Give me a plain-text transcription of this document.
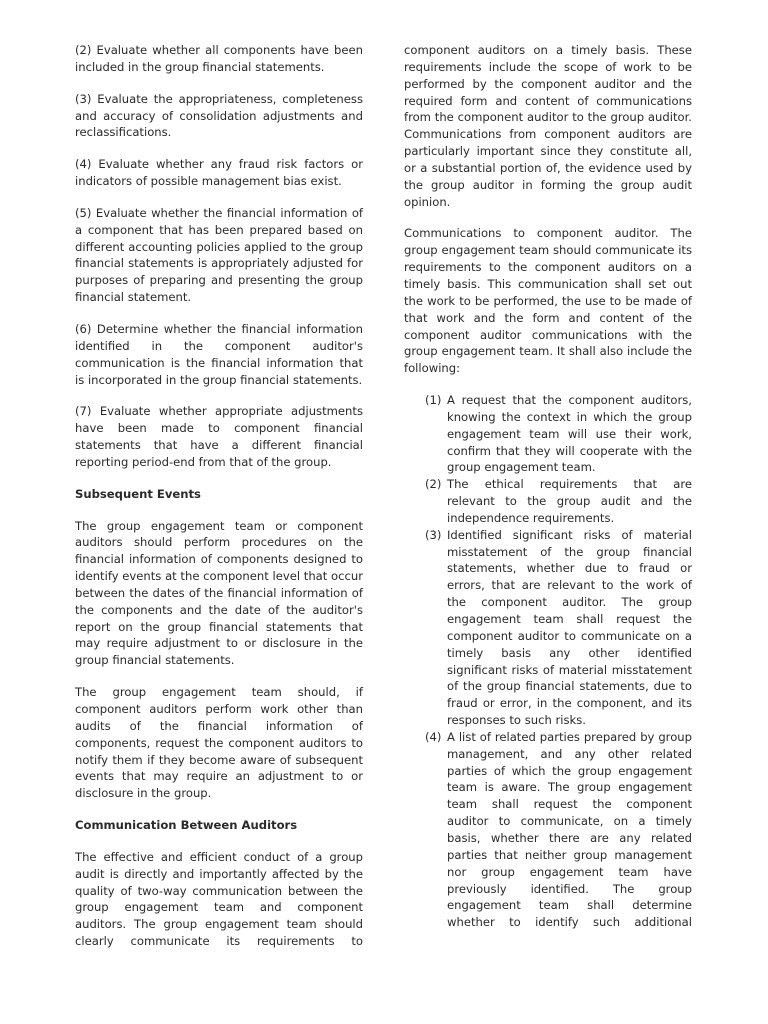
(2) Evaluate whether all components have been included in the group financial statements.

(3) Evaluate the appropriateness, completeness and accuracy of consolidation adjustments and reclassifications.

(4) Evaluate whether any fraud risk factors or indicators of possible management bias exist.

(5) Evaluate whether the financial information of a component that has been prepared based on different accounting policies applied to the group financial statements is appropriately adjusted for purposes of preparing and presenting the group financial statement.

(6) Determine whether the financial information identified in the component auditor's communication is the financial information that is incorporated in the group financial statements.

(7) Evaluate whether appropriate adjustments have been made to component financial statements that have a different financial reporting period-end from that of the group.

Subsequent Events

The group engagement team or component auditors should perform procedures on the financial information of components designed to identify events at the component level that occur between the dates of the financial information of the components and the date of the auditor's report on the group financial statements that may require adjustment to or disclosure in the group financial statements.

The group engagement team should, if component auditors perform work other than audits of the financial information of components, request the component auditors to notify them if they become aware of subsequent events that may require an adjustment to or disclosure in the group.

Communication Between Auditors

The effective and efficient conduct of a group audit is directly and importantly affected by the quality of two-way communication between the group engagement team and component auditors. The group engagement team should clearly communicate its requirements to

component auditors on a timely basis. These requirements include the scope of work to be performed by the component auditor and the required form and content of communications from the component auditor to the group auditor. Communications from component auditors are particularly important since they constitute all, or a substantial portion of, the evidence used by the group auditor in forming the group audit opinion.

Communications to component auditor. The group engagement team should communicate its requirements to the component auditors on a timely basis. This communication shall set out the work to be performed, the use to be made of that work and the form and content of the component auditor communications with the group engagement team. It shall also include the following:

(1) A request that the component auditors, knowing the context in which the group engagement team will use their work, confirm that they will cooperate with the group engagement team.
(2) The ethical requirements that are relevant to the group audit and the independence requirements.
(3) Identified significant risks of material misstatement of the group financial statements, whether due to fraud or errors, that are relevant to the work of the component auditor. The group engagement team shall request the component auditor to communicate on a timely basis any other identified significant risks of material misstatement of the group financial statements, due to fraud or error, in the component, and its responses to such risks.
(4) A list of related parties prepared by group management, and any other related parties of which the group engagement team is aware. The group engagement team shall request the component auditor to communicate, on a timely basis, whether there are any related parties that neither group management nor group engagement team have previously identified. The group engagement team shall determine whether to identify such additional
